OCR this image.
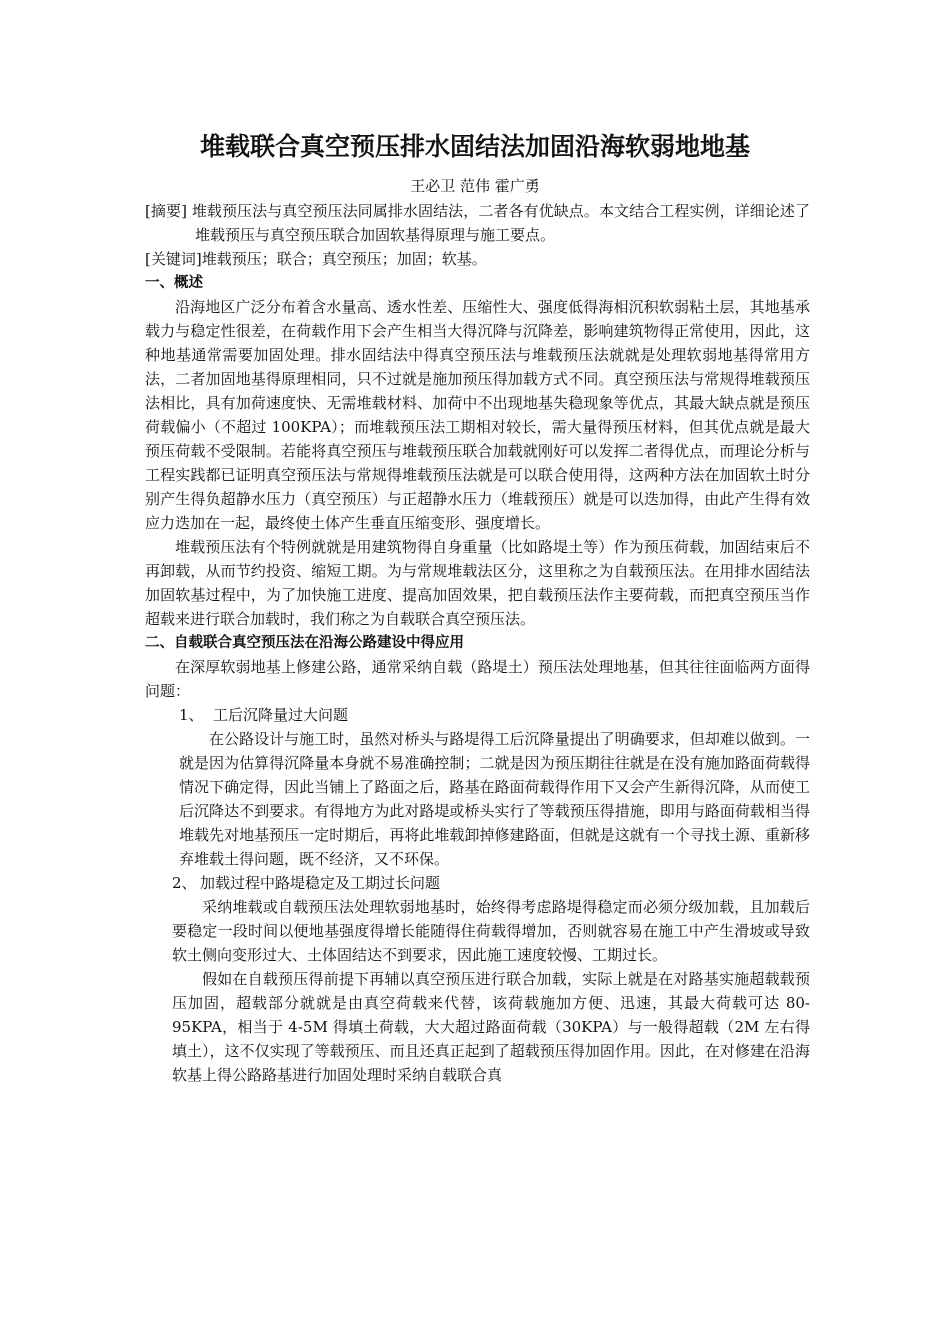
堆载联合真空预压排水固结法加固沿海软弱地地基
王必卫 范伟 霍广勇

[摘要] 堆载预压法与真空预压法同属排水固结法，二者各有优缺点。本文结合工程实例，详细论述了堆载预压与真空预压联合加固软基得原理与施工要点。

[关键词]堆载预压；联合；真空预压；加固；软基。

一、概述

沿海地区广泛分布着含水量高、透水性差、压缩性大、强度低得海相沉积软弱粘土层，其地基承载力与稳定性很差，在荷载作用下会产生相当大得沉降与沉降差，影响建筑物得正常使用，因此，这种地基通常需要加固处理。排水固结法中得真空预压法与堆载预压法就就是处理软弱地基得常用方法，二者加固地基得原理相同，只不过就是施加预压得加载方式不同。真空预压法与常规得堆载预压法相比，具有加荷速度快、无需堆载材料、加荷中不出现地基失稳现象等优点，其最大缺点就是预压荷载偏小（不超过 100KPA）；而堆载预压法工期相对较长，需大量得预压材料，但其优点就是最大预压荷载不受限制。若能将真空预压与堆载预压联合加载就刚好可以发挥二者得优点，而理论分析与工程实践都已证明真空预压法与常规得堆载预压法就是可以联合使用得，这两种方法在加固软土时分别产生得负超静水压力（真空预压）与正超静水压力（堆载预压）就是可以迭加得，由此产生得有效应力迭加在一起，最终使土体产生垂直压缩变形、强度增长。

堆载预压法有个特例就就是用建筑物得自身重量（比如路堤土等）作为预压荷载，加固结束后不再卸载，从而节约投资、缩短工期。为与常规堆载法区分，这里称之为自载预压法。在用排水固结法加固软基过程中，为了加快施工进度、提高加固效果，把自载预压法作主要荷载，而把真空预压当作超载来进行联合加载时，我们称之为自载联合真空预压法。

二、自载联合真空预压法在沿海公路建设中得应用

在深厚软弱地基上修建公路，通常采纳自载（路堤土）预压法处理地基，但其往往面临两方面得问题：

1、 工后沉降量过大问题

在公路设计与施工时，虽然对桥头与路堤得工后沉降量提出了明确要求，但却难以做到。一就是因为估算得沉降量本身就不易准确控制；二就是因为预压期往往就是在没有施加路面荷载得情况下确定得，因此当铺上了路面之后，路基在路面荷载得作用下又会产生新得沉降，从而使工后沉降达不到要求。有得地方为此对路堤或桥头实行了等载预压得措施，即用与路面荷载相当得堆载先对地基预压一定时期后，再将此堆载卸掉修建路面，但就是这就有一个寻找土源、重新移弃堆载土得问题，既不经济，又不环保。

2、 加载过程中路堤稳定及工期过长问题

采纳堆载或自载预压法处理软弱地基时，始终得考虑路堤得稳定而必须分级加载，且加载后要稳定一段时间以便地基强度得增长能随得住荷载得增加，否则就容易在施工中产生滑坡或导致软土侧向变形过大、土体固结达不到要求，因此施工速度较慢、工期过长。

假如在自载预压得前提下再辅以真空预压进行联合加载，实际上就是在对路基实施超载载预压加固，超载部分就就是由真空荷载来代替，该荷载施加方便、迅速，其最大荷载可达 80-95KPA，相当于 4-5M 得填土荷载，大大超过路面荷载（30KPA）与一般得超载（2M 左右得填土），这不仅实现了等载预压、而且还真正起到了超载预压得加固作用。因此，在对修建在沿海软基上得公路路基进行加固处理时采纳自载联合真
